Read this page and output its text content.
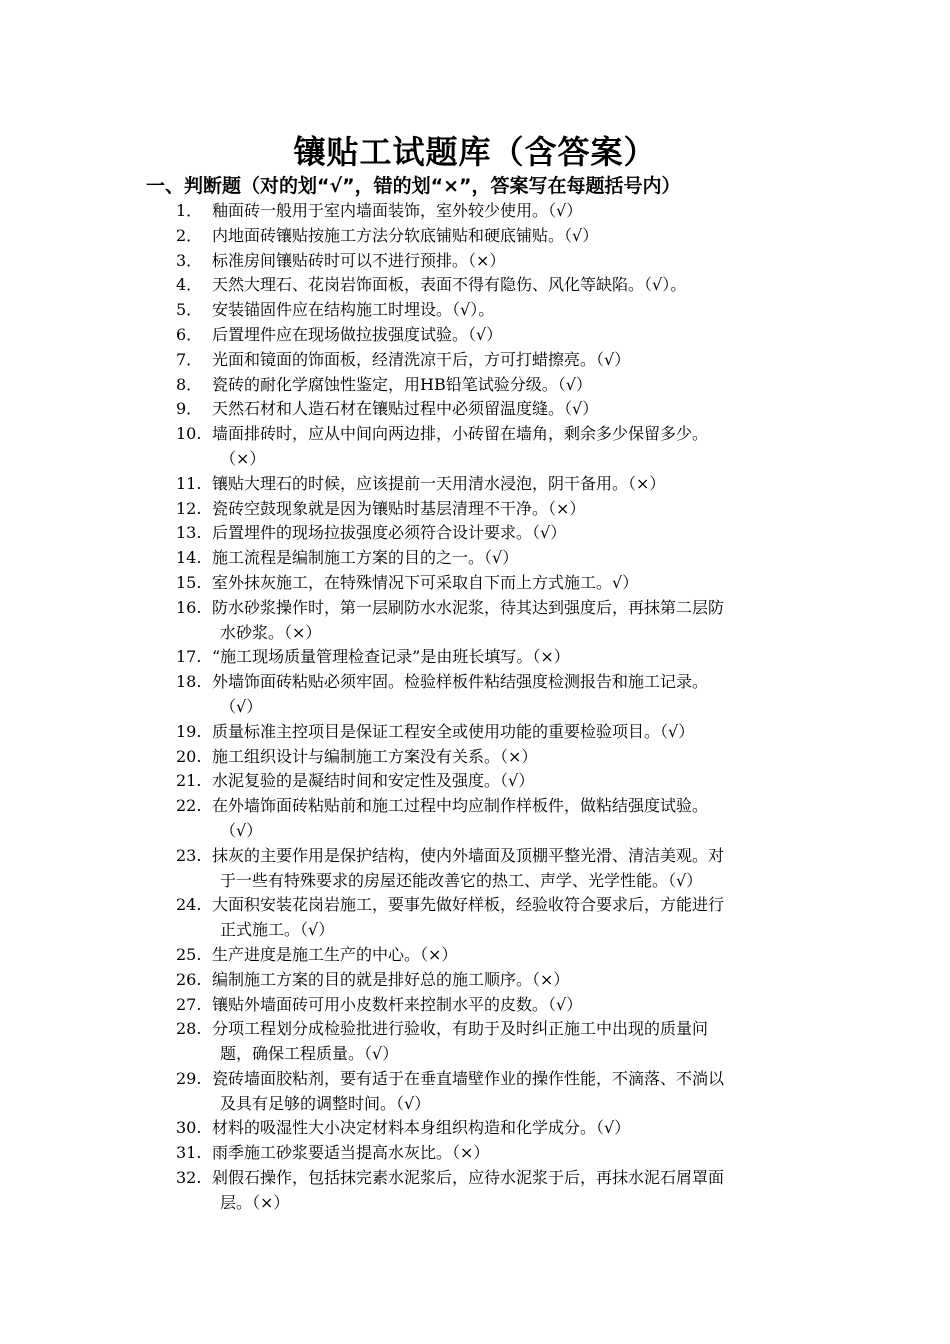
镶贴工试题库（含答案）
一、判断题（对的划“√”，错的划“×”，答案写在每题括号内）
1． 釉面砖一般用于室内墙面装饰，室外较少使用。（√）
2． 内地面砖镶贴按施工方法分软底铺贴和硬底铺贴。（√）
3． 标准房间镶贴砖时可以不进行预排。（×）
4． 天然大理石、花岗岩饰面板，表面不得有隐伤、风化等缺陷。（√）。
5． 安装锚固件应在结构施工时埋设。（√）。
6． 后置埋件应在现场做拉拔强度试验。（√）
7． 光面和镜面的饰面板，经清洗凉干后，方可打蜡擦亮。（√）
8． 瓷砖的耐化学腐蚀性鉴定，用HB铅笔试验分级。（√）
9． 天然石材和人造石材在镶贴过程中必须留温度缝。（√）
10. 墙面排砖时，应从中间向两边排，小砖留在墙角，剩余多少保留多少。
（×）
11. 镶贴大理石的时候，应该提前一天用清水浸泡，阴干备用。（×）
12. 瓷砖空鼓现象就是因为镶贴时基层清理不干净。（×）
13. 后置埋件的现场拉拔强度必须符合设计要求。（√）
14. 施工流程是编制施工方案的目的之一。（√）
15. 室外抹灰施工，在特殊情况下可采取自下而上方式施工。√）
16. 防水砂浆操作时，第一层刷防水水泥浆，待其达到强度后，再抹第二层防
水砂浆。（×）
17. “施工现场质量管理检查记录”是由班长填写。（×）
18. 外墙饰面砖粘贴必须牢固。检验样板件粘结强度检测报告和施工记录。
（√）
19. 质量标准主控项目是保证工程安全或使用功能的重要检验项目。（√）
20. 施工组织设计与编制施工方案没有关系。（×）
21. 水泥复验的是凝结时间和安定性及强度。（√）
22. 在外墙饰面砖粘贴前和施工过程中均应制作样板件，做粘结强度试验。
（√）
23. 抹灰的主要作用是保护结构，使内外墙面及顶棚平整光滑、清洁美观。对
于一些有特殊要求的房屋还能改善它的热工、声学、光学性能。（√）
24. 大面积安装花岗岩施工，要事先做好样板，经验收符合要求后，方能进行
正式施工。（√）
25. 生产进度是施工生产的中心。（×）
26. 编制施工方案的目的就是排好总的施工顺序。（×）
27. 镶贴外墙面砖可用小皮数杆来控制水平的皮数。（√）
28. 分项工程划分成检验批进行验收，有助于及时纠正施工中出现的质量问
题，确保工程质量。（√）
29. 瓷砖墙面胶粘剂，要有适于在垂直墙壁作业的操作性能，不滴落、不淌以
及具有足够的调整时间。（√）
30. 材料的吸湿性大小决定材料本身组织构造和化学成分。（√）
31. 雨季施工砂浆要适当提高水灰比。（×）
32. 剁假石操作，包括抹完素水泥浆后，应待水泥浆于后，再抹水泥石屑罩面
层。（×）
